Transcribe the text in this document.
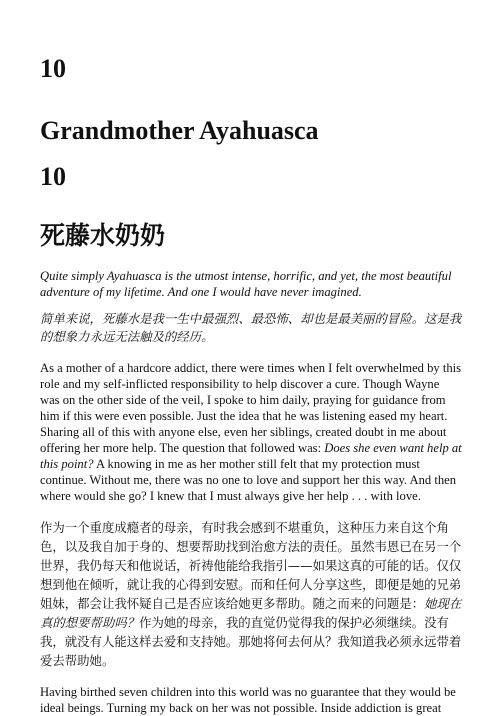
10
Grandmother Ayahuasca
10
死藤水奶奶

Quite simply Ayahuasca is the utmost intense, horrific, and yet, the most beautiful adventure of my lifetime. And one I would have never imagined.

简单来说，死藤水是我一生中最强烈、最恐怖、却也是最美丽的冒险。这是我的想象力永远无法触及的经历。

As a mother of a hardcore addict, there were times when I felt overwhelmed by this role and my self-inflicted responsibility to help discover a cure. Though Wayne was on the other side of the veil, I spoke to him daily, praying for guidance from him if this were even possible. Just the idea that he was listening eased my heart. Sharing all of this with anyone else, even her siblings, created doubt in me about offering her more help. The question that followed was: Does she even want help at this point? A knowing in me as her mother still felt that my protection must continue. Without me, there was no one to love and support her this way. And then where would she go? I knew that I must always give her help . . . with love.

作为一个重度成瘾者的母亲，有时我会感到不堪重负，这种压力来自这个角色，以及我自加于身的、想要帮助找到治愈方法的责任。虽然韦恩已在另一个世界，我仍每天和他说话，祈祷他能给我指引——如果这真的可能的话。仅仅想到他在倾听，就让我的心得到安慰。而和任何人分享这些，即便是她的兄弟姐妹，都会让我怀疑自己是否应该给她更多帮助。随之而来的问题是：她现在真的想要帮助吗？作为她的母亲，我的直觉仍觉得我的保护必须继续。没有我，就没有人能这样去爱和支持她。那她将何去何从？我知道我必须永远带着爱去帮助她。

Having birthed seven children into this world was no guarantee that they would be ideal beings. Turning my back on her was not possible. Inside addiction is great
